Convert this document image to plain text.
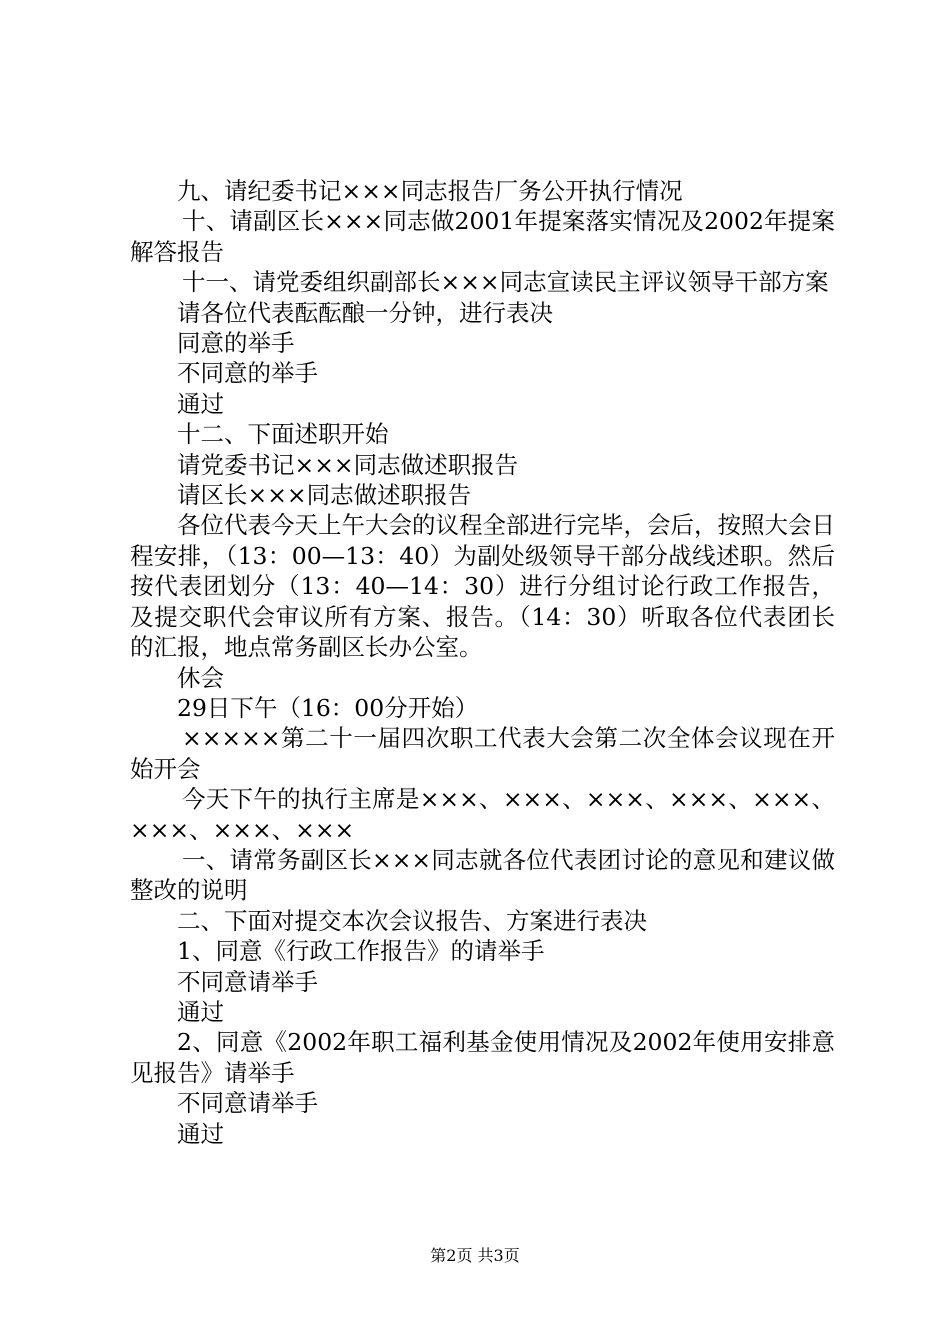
九、请纪委书记×××同志报告厂务公开执行情况

十、请副区长×××同志做2001年提案落实情况及2002年提案解答报告

十一、请党委组织副部长×××同志宣读民主评议领导干部方案

请各位代表酝酝酿一分钟，进行表决

同意的举手

不同意的举手

通过

十二、下面述职开始

请党委书记×××同志做述职报告

请区长×××同志做述职报告

各位代表今天上午大会的议程全部进行完毕，会后，按照大会日程安排，（13：00—13：40）为副处级领导干部分战线述职。然后按代表团划分（13：40—14：30）进行分组讨论行政工作报告，及提交职代会审议所有方案、报告。（14：30）听取各位代表团长的汇报，地点常务副区长办公室。

休会

29日下午（16：00分开始）

×××××第二十一届四次职工代表大会第二次全体会议现在开始开会

今天下午的执行主席是×××、×××、×××、×××、×××、×××、×××、×××

一、请常务副区长×××同志就各位代表团讨论的意见和建议做整改的说明

二、下面对提交本次会议报告、方案进行表决

1、同意《行政工作报告》的请举手

不同意请举手

通过

2、同意《2002年职工福利基金使用情况及2002年使用安排意见报告》请举手

不同意请举手

通过

第2页 共3页
